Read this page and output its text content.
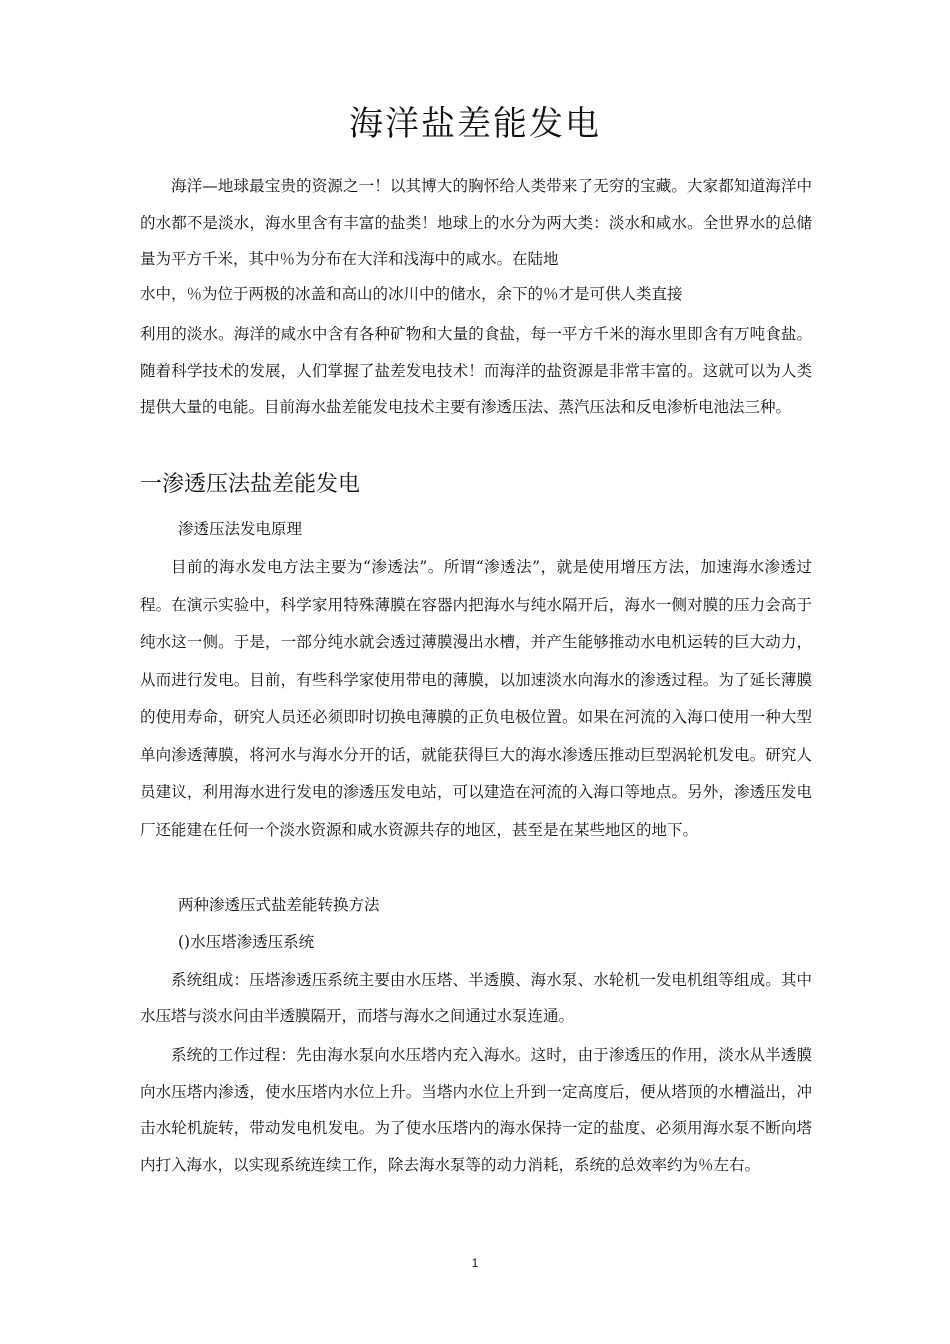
海洋盐差能发电

海洋—地球最宝贵的资源之一！以其博大的胸怀给人类带来了无穷的宝藏。大家都知道海洋中的水都不是淡水，海水里含有丰富的盐类！地球上的水分为两大类：淡水和咸水。全世界水的总储量为平方千米，其中％为分布在大洋和浅海中的咸水。在陆地

水中，％为位于两极的冰盖和高山的冰川中的储水，余下的％才是可供人类直接

利用的淡水。海洋的咸水中含有各种矿物和大量的食盐，每一平方千米的海水里即含有万吨食盐。随着科学技术的发展，人们掌握了盐差发电技术！而海洋的盐资源是非常丰富的。这就可以为人类提供大量的电能。目前海水盐差能发电技术主要有渗透压法、蒸汽压法和反电渗析电池法三种。

一渗透压法盐差能发电

渗透压法发电原理

目前的海水发电方法主要为“渗透法”。所谓“渗透法”，就是使用增压方法，加速海水渗透过程。在演示实验中，科学家用特殊薄膜在容器内把海水与纯水隔开后，海水一侧对膜的压力会高于纯水这一侧。于是，一部分纯水就会透过薄膜漫出水槽，并产生能够推动水电机运转的巨大动力，从而进行发电。目前，有些科学家使用带电的薄膜，以加速淡水向海水的渗透过程。为了延长薄膜的使用寿命，研究人员还必须即时切换电薄膜的正负电极位置。如果在河流的入海口使用一种大型单向渗透薄膜，将河水与海水分开的话，就能获得巨大的海水渗透压推动巨型涡轮机发电。研究人员建议，利用海水进行发电的渗透压发电站，可以建造在河流的入海口等地点。另外，渗透压发电厂还能建在任何一个淡水资源和咸水资源共存的地区，甚至是在某些地区的地下。

两种渗透压式盐差能转换方法

()水压塔渗透压系统

系统组成：压塔渗透压系统主要由水压塔、半透膜、海水泵、水轮机一发电机组等组成。其中水压塔与淡水问由半透膜隔开，而塔与海水之间通过水泵连通。

系统的工作过程：先由海水泵向水压塔内充入海水。这时，由于渗透压的作用，淡水从半透膜向水压塔内渗透，使水压塔内水位上升。当塔内水位上升到一定高度后，便从塔顶的水槽溢出，冲击水轮机旋转，带动发电机发电。为了使水压塔内的海水保持一定的盐度、必须用海水泵不断向塔内打入海水，以实现系统连续工作，除去海水泵等的动力消耗，系统的总效率约为％左右。

1
